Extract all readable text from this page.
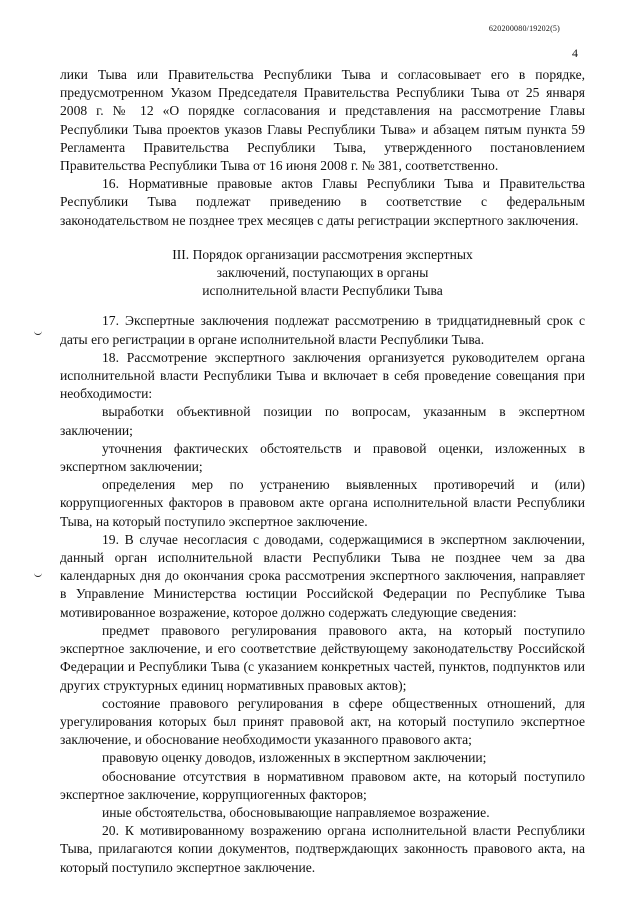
620200080/19202(5)
4

лики Тыва или Правительства Республики Тыва и согласовывает его в порядке, предусмотренном Указом Председателя Правительства Республики Тыва от 25 января 2008 г. № 12 «О порядке согласования и представления на рассмотрение Главы Республики Тыва проектов указов Главы Республики Тыва» и абзацем пятым пункта 59 Регламента Правительства Республики Тыва, утвержденного постановлением Правительства Республики Тыва от 16 июня 2008 г. № 381, соответственно.

16. Нормативные правовые актов Главы Республики Тыва и Правительства Республики Тыва подлежат приведению в соответствие с федеральным законодательством не позднее трех месяцев с даты регистрации экспертного заключения.

III. Порядок организации рассмотрения экспертных
заключений, поступающих в органы
исполнительной власти Республики Тыва

17. Экспертные заключения подлежат рассмотрению в тридцатидневный срок с даты его регистрации в органе исполнительной власти Республики Тыва.

18. Рассмотрение экспертного заключения организуется руководителем органа исполнительной власти Республики Тыва и включает в себя проведение совещания при необходимости:

выработки объективной позиции по вопросам, указанным в экспертном заключении;

уточнения фактических обстоятельств и правовой оценки, изложенных в экспертном заключении;

определения мер по устранению выявленных противоречий и (или) коррупциогенных факторов в правовом акте органа исполнительной власти Республики Тыва, на который поступило экспертное заключение.

19. В случае несогласия с доводами, содержащимися в экспертном заключении, данный орган исполнительной власти Республики Тыва не позднее чем за два календарных дня до окончания срока рассмотрения экспертного заключения, направляет в Управление Министерства юстиции Российской Федерации по Республике Тыва мотивированное возражение, которое должно содержать следующие сведения:

предмет правового регулирования правового акта, на который поступило экспертное заключение, и его соответствие действующему законодательству Российской Федерации и Республики Тыва (с указанием конкретных частей, пунктов, подпунктов или других структурных единиц нормативных правовых актов);

состояние правового регулирования в сфере общественных отношений, для урегулирования которых был принят правовой акт, на который поступило экспертное заключение, и обоснование необходимости указанного правового акта;

правовую оценку доводов, изложенных в экспертном заключении;

обоснование отсутствия в нормативном правовом акте, на который поступило экспертное заключение, коррупциогенных факторов;

иные обстоятельства, обосновывающие направляемое возражение.

20. К мотивированному возражению органа исполнительной власти Республики Тыва, прилагаются копии документов, подтверждающих законность правового акта, на который поступило экспертное заключение.
